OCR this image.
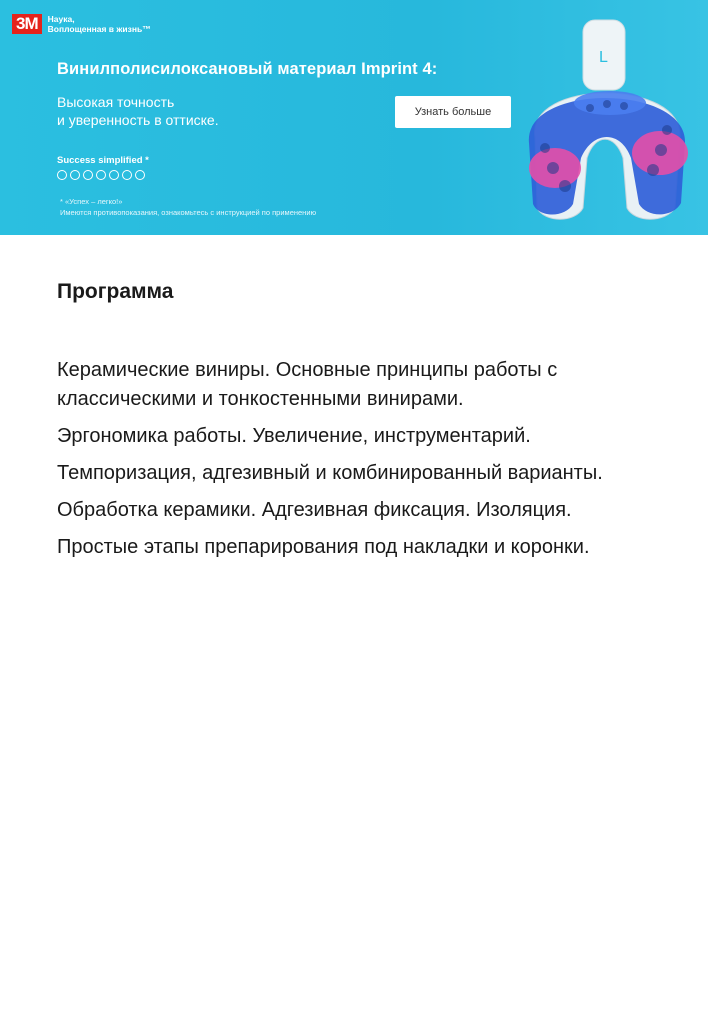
3M	Наука,
Воплощенная в жизнь™
Винилполисилоксановый материал Imprint 4:
Высокая точность
и уверенность в оттиске.	Узнать больше
Success simplified *
* «Успех – легко!»
Имеются противопоказания, ознакомьтесь с инструкцией по применению
L
Программа

Керамические виниры. Основные принципы работы с классическими и тонкостенными винирами.

Эргономика работы. Увеличение, инструментарий.

Темпоризация, адгезивный и комбинированный варианты.

Обработка керамики. Адгезивная фиксация. Изоляция.

Простые этапы препарирования под накладки и коронки.
